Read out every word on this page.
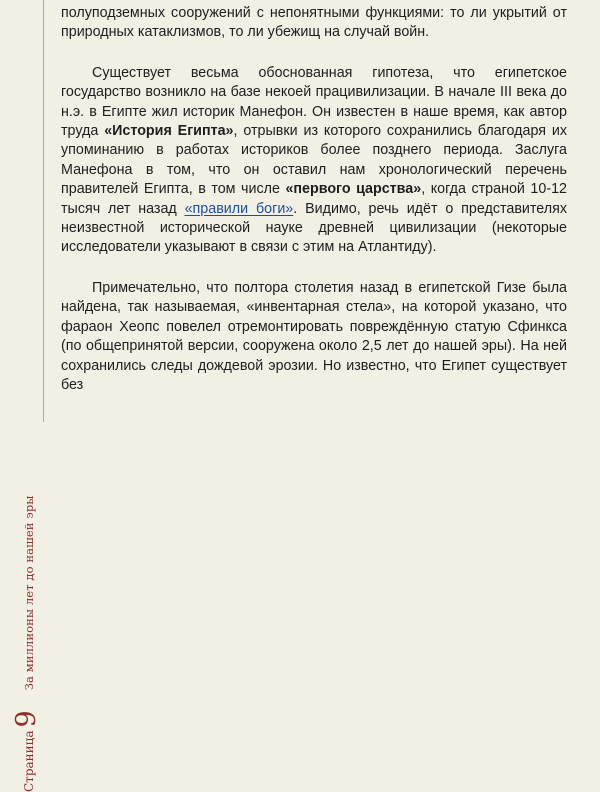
Страница
9
За миллионы лет до нашей эры

полуподземных сооружений с непонятными функциями: то ли укрытий от природных катаклизмов, то ли убежищ на случай войн.

Существует весьма обоснованная гипотеза, что египетское государство возникло на базе некоей працивилизации. В начале III века до н.э. в Египте жил историк Манефон. Он известен в наше время, как автор труда «История Египта», отрывки из которого сохранились благодаря их упоминанию в работах историков более позднего периода. Заслуга Манефона в том, что он оставил нам хронологический перечень правителей Египта, в том числе «первого царства», когда страной 10-12 тысяч лет назад «правили боги». Видимо, речь идёт о представителях неизвестной исторической науке древней цивилизации (некоторые исследователи указывают в связи с этим на Атлантиду).

Примечательно, что полтора столетия назад в египетской Гизе была найдена, так называемая, «инвентарная стела», на которой указано, что фараон Хеопс повелел отремонтировать повреждённую статую Сфинкса (по общепринятой версии, сооружена около 2,5 лет до нашей эры). На ней сохранились следы дождевой эрозии. Но известно, что Египет существует без
